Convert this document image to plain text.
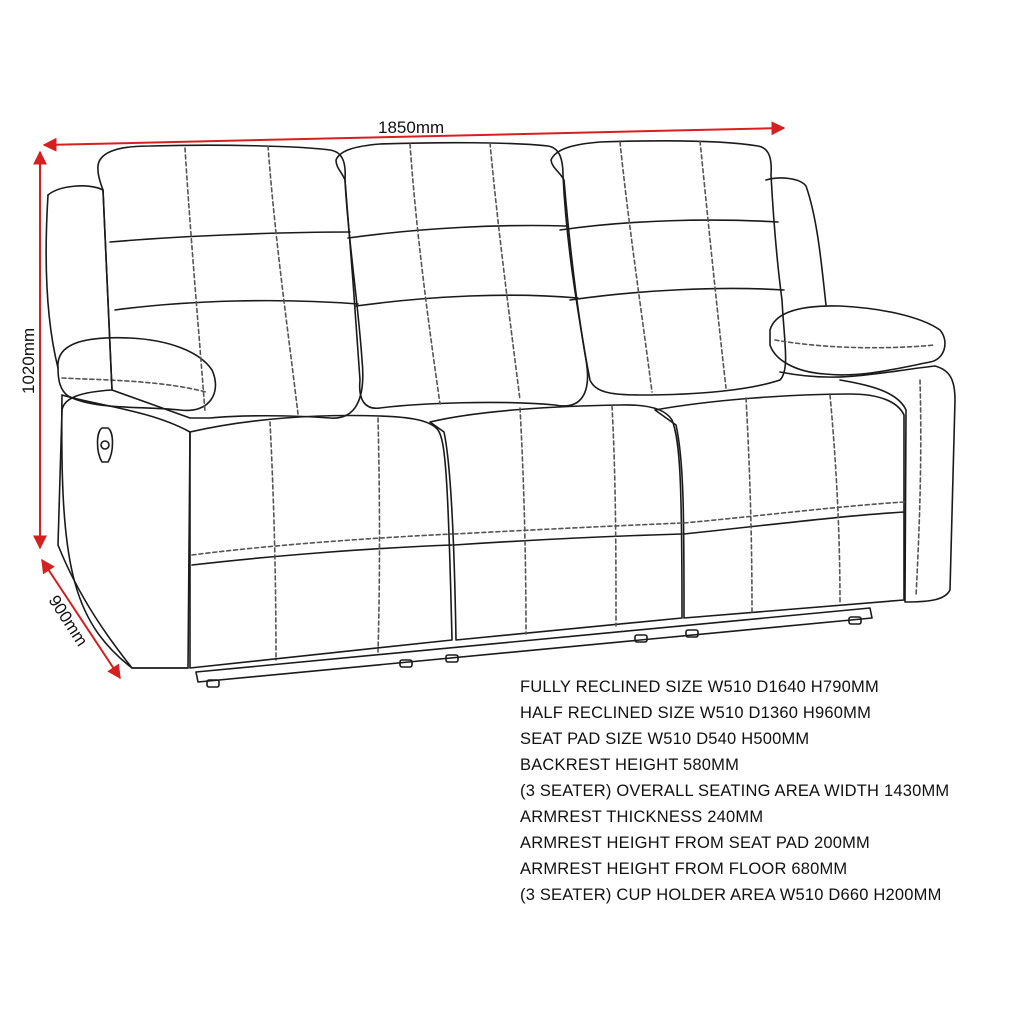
1850mm
1020mm
900mm
FULLY RECLINED SIZE W510 D1640 H790MM
HALF RECLINED SIZE W510 D1360 H960MM
SEAT PAD SIZE W510 D540 H500MM
BACKREST HEIGHT 580MM
(3 SEATER) OVERALL SEATING AREA WIDTH 1430MM
ARMREST THICKNESS 240MM
ARMREST HEIGHT FROM SEAT PAD 200MM
ARMREST HEIGHT FROM FLOOR 680MM
(3 SEATER) CUP HOLDER AREA W510 D660 H200MM
